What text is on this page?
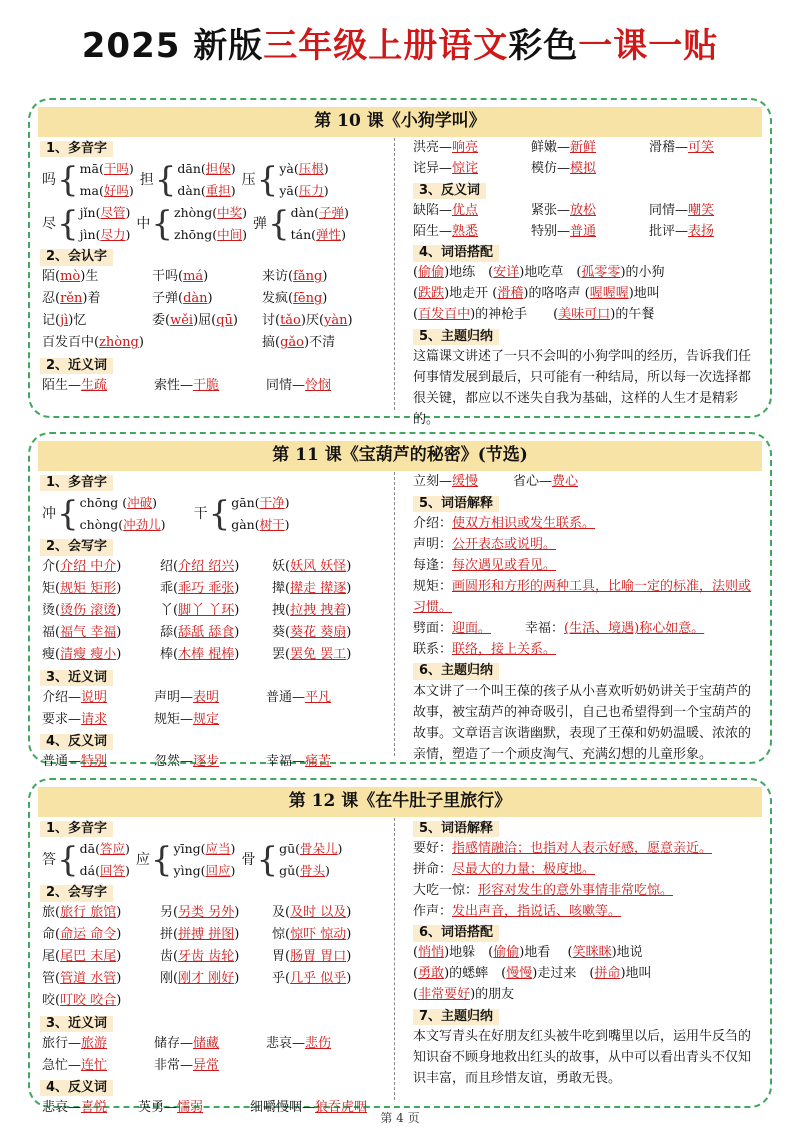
2025 新版 三年级上册语文 彩色 一课一贴
第 10 课《小狗学叫》
1、多音字
吗 { mā( 干吗 )
ma( 好吗 )
担 { dān( 担保 )
dàn( 重担 )
压 { yà( 压根 )
yā( 压力 )
尽 { jǐn( 尽管 )
jìn( 尽力 )
中 { zhòng( 中奖 )
zhōng( 中间 )
弹 { dàn( 子弹 )
tán( 弹性 )
2、会认字
陌(mò)生	干吗(má)	来访(fǎng)
忍(rěn)着	子弹(dàn)	发疯(fēng)
记(jì)忆	委(wěi)屈(qū)	讨(tǎo)厌(yàn)
百发百中(zhòng)	搞(gǎo)不清
2、近义词
陌生—生疏	索性—干脆	同情—怜悯
洪亮—响亮	鲜嫩—新鲜	滑稽—可笑
诧异—惊诧	模仿—模拟
3、反义词
缺陷—优点	紧张—放松	同情—嘲笑
陌生—熟悉	特别—普通	批评—表扬
4、词语搭配
( 偷偷 )地练　( 安详 )地吃草　( 孤零零 )的小狗
( 跌跌 )地走开 ( 滑稽 )的咯咯声 ( 喔喔喔 )地叫
( 百发百中 )的神枪手　　( 美味可口 )的午餐
5、主题归纳
这篇课文讲述了一只不会叫的小狗学叫的经历，告诉我们任何事情发展到最后，只可能有一种结局，所以每一次选择都很关键，都应以不迷失自我为基础，这样的人生才是精彩的。
第 11 课《宝葫芦的秘密》(节选)
1、多音字
冲 { chōng ( 冲破 )
chòng( 冲劲儿 )
干 { gān( 干净 )
gàn( 树干 )
2、会写字
介(介绍 中介)	绍(介绍 绍兴)	妖(妖风 妖怪)
矩(规矩 矩形)	乖(乖巧 乖张)	撵(撵走 撵逐)
烫(烫伤 滚烫)	丫(脚丫 丫环)	拽(拉拽 拽着)
福(福气 幸福)	舔(舔舐 舔食)	葵(葵花 葵扇)
瘦(清瘦 瘦小)	棒(木棒 棍棒)	罢(罢免 罢工)
3、近义词
介绍—说明	声明—表明	普通—平凡
要求—请求	规矩—规定
4、反义词
普通—特别	忽然—逐步	幸福—痛苦
立刻—缓慢	省心—费心
5、词语解释
介绍：使双方相识或发生联系。
声明：公开表态或说明。
每逢：每次遇见或看见。
规矩：画圆形和方形的两种工具，比喻一定的标准，法则或习惯。
劈面：迎面。	幸福：(生活、境遇)称心如意。
联系：联络，接上关系。
6、主题归纳
本文讲了一个叫王葆的孩子从小喜欢听奶奶讲关于宝葫芦的故事，被宝葫芦的神奇吸引，自己也希望得到一个宝葫芦的故事。文章语言诙谐幽默，表现了王葆和奶奶温暖、浓浓的亲情，塑造了一个顽皮淘气、充满幻想的儿童形象。
第 12 课《在牛肚子里旅行》
1、多音字
答 { dā( 答应 )
dá( 回答 )
应 { yīng( 应当 )
yìng( 回应 )
骨 { gū( 骨朵儿 )
gǔ( 骨头 )
2、会写字
旅(旅行 旅馆)	另(另类 另外)	及(及时 以及)
命(命运 命令)	拼(拼搏 拼图)	惊(惊吓 惊动)
尾(尾巴 末尾)	齿(牙齿 齿轮)	胃(肠胃 胃口)
管(管道 水管)	刚(刚才 刚好)	乎(几乎 似乎)
咬(叮咬 咬合)
3、近义词
旅行—旅游	储存—储藏	悲哀—悲伤
急忙—连忙	非常—异常
4、反义词
悲哀—喜悦	英勇—懦弱	细嚼慢咽—狼吞虎咽
5、词语解释
要好：指感情融洽；也指对人表示好感，愿意亲近。
拼命：尽最大的力量；极度地。
大吃一惊：形容对发生的意外事情非常吃惊。
作声：发出声音，指说话、咳嗽等。
6、词语搭配
( 悄悄 )地躲　( 偷偷 )地看　 ( 笑眯眯 )地说
( 勇敢 )的蟋蟀　( 慢慢 )走过来　( 拼命 )地叫
( 非常要好 )的朋友
7、主题归纳
本文写青头在好朋友红头被牛吃到嘴里以后，运用牛反刍的知识奋不顾身地救出红头的故事，从中可以看出青头不仅知识丰富，而且珍惜友谊，勇敢无畏。
第 4 页
